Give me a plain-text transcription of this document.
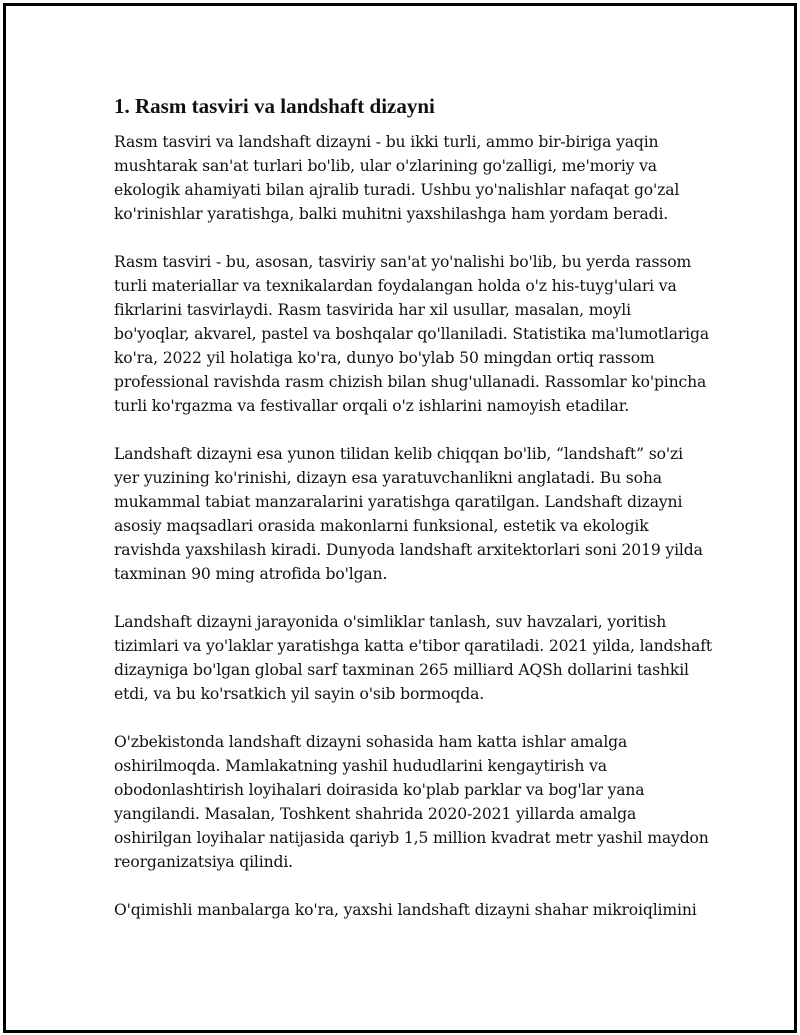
1. Rasm tasviri va landshaft dizayni

Rasm tasviri va landshaft dizayni - bu ikki turli, ammo bir-biriga yaqin
mushtarak san'at turlari bo'lib, ular o'zlarining go'zalligi, me'moriy va
ekologik ahamiyati bilan ajralib turadi. Ushbu yo'nalishlar nafaqat go'zal
ko'rinishlar yaratishga, balki muhitni yaxshilashga ham yordam beradi.

Rasm tasviri - bu, asosan, tasviriy san'at yo'nalishi bo'lib, bu yerda rassom
turli materiallar va texnikalardan foydalangan holda o'z his-tuyg'ulari va
fikrlarini tasvirlaydi. Rasm tasvirida har xil usullar, masalan, moyli
bo'yoqlar, akvarel, pastel va boshqalar qo'llaniladi. Statistika ma'lumotlariga
ko'ra, 2022 yil holatiga ko'ra, dunyo bo'ylab 50 mingdan ortiq rassom
professional ravishda rasm chizish bilan shug'ullanadi. Rassomlar ko'pincha
turli ko'rgazma va festivallar orqali o'z ishlarini namoyish etadilar.

Landshaft dizayni esa yunon tilidan kelib chiqqan bo'lib, “landshaft” so'zi
yer yuzining ko'rinishi, dizayn esa yaratuvchanlikni anglatadi. Bu soha
mukammal tabiat manzaralarini yaratishga qaratilgan. Landshaft dizayni
asosiy maqsadlari orasida makonlarni funksional, estetik va ekologik
ravishda yaxshilash kiradi. Dunyoda landshaft arxitektorlari soni 2019 yilda
taxminan 90 ming atrofida bo'lgan.

Landshaft dizayni jarayonida o'simliklar tanlash, suv havzalari, yoritish
tizimlari va yo'laklar yaratishga katta e'tibor qaratiladi. 2021 yilda, landshaft
dizayniga bo'lgan global sarf taxminan 265 milliard AQSh dollarini tashkil
etdi, va bu ko'rsatkich yil sayin o'sib bormoqda.

O'zbekistonda landshaft dizayni sohasida ham katta ishlar amalga
oshirilmoqda. Mamlakatning yashil hududlarini kengaytirish va
obodonlashtirish loyihalari doirasida ko'plab parklar va bog'lar yana
yangilandi. Masalan, Toshkent shahrida 2020-2021 yillarda amalga
oshirilgan loyihalar natijasida qariyb 1,5 million kvadrat metr yashil maydon
reorganizatsiya qilindi.

O'qimishli manbalarga ko'ra, yaxshi landshaft dizayni shahar mikroiqlimini
